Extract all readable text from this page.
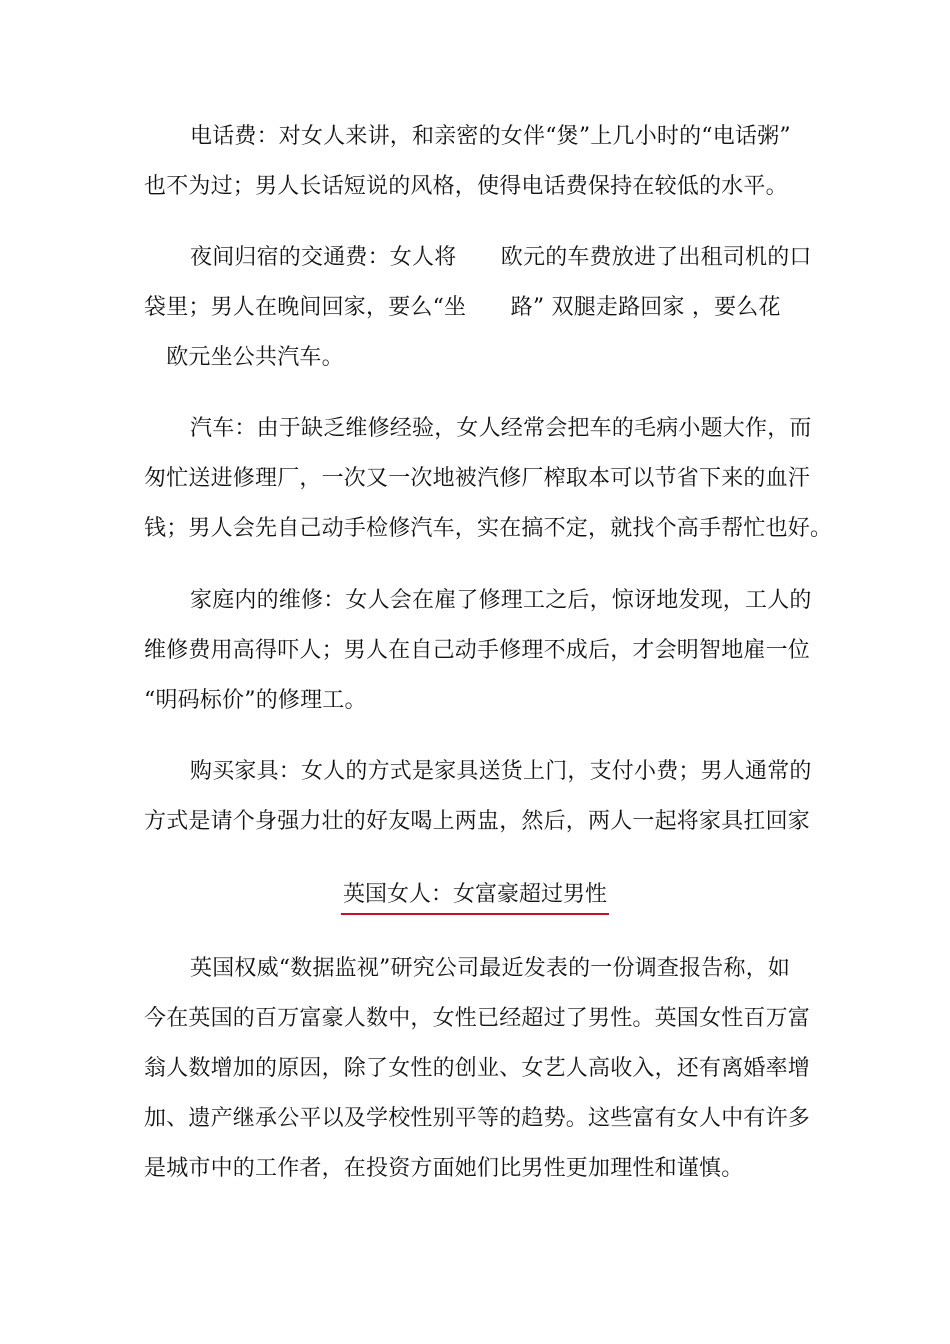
电话费：对女人来讲，和亲密的女伴“煲”上几小时的“电话粥”
也不为过；男人长话短说的风格，使得电话费保持在较低的水平。
夜间归宿的交通费：女人将　　欧元的车费放进了出租司机的口
袋里；男人在晚间回家，要么“坐　　路” 双腿走路回家 ，要么花
　欧元坐公共汽车。
汽车：由于缺乏维修经验，女人经常会把车的毛病小题大作，而
匆忙送进修理厂，一次又一次地被汽修厂榨取本可以节省下来的血汗
钱；男人会先自己动手检修汽车，实在搞不定，就找个高手帮忙也好。
家庭内的维修：女人会在雇了修理工之后，惊讶地发现，工人的
维修费用高得吓人；男人在自己动手修理不成后，才会明智地雇一位
“明码标价”的修理工。
购买家具：女人的方式是家具送货上门，支付小费；男人通常的
方式是请个身强力壮的好友喝上两盅，然后，两人一起将家具扛回家
英国女人：女富豪超过男性
英国权威“数据监视”研究公司最近发表的一份调查报告称，如
今在英国的百万富豪人数中，女性已经超过了男性。英国女性百万富
翁人数增加的原因，除了女性的创业、女艺人高收入，还有离婚率增
加、遗产继承公平以及学校性别平等的趋势。这些富有女人中有许多
是城市中的工作者，在投资方面她们比男性更加理性和谨慎。
